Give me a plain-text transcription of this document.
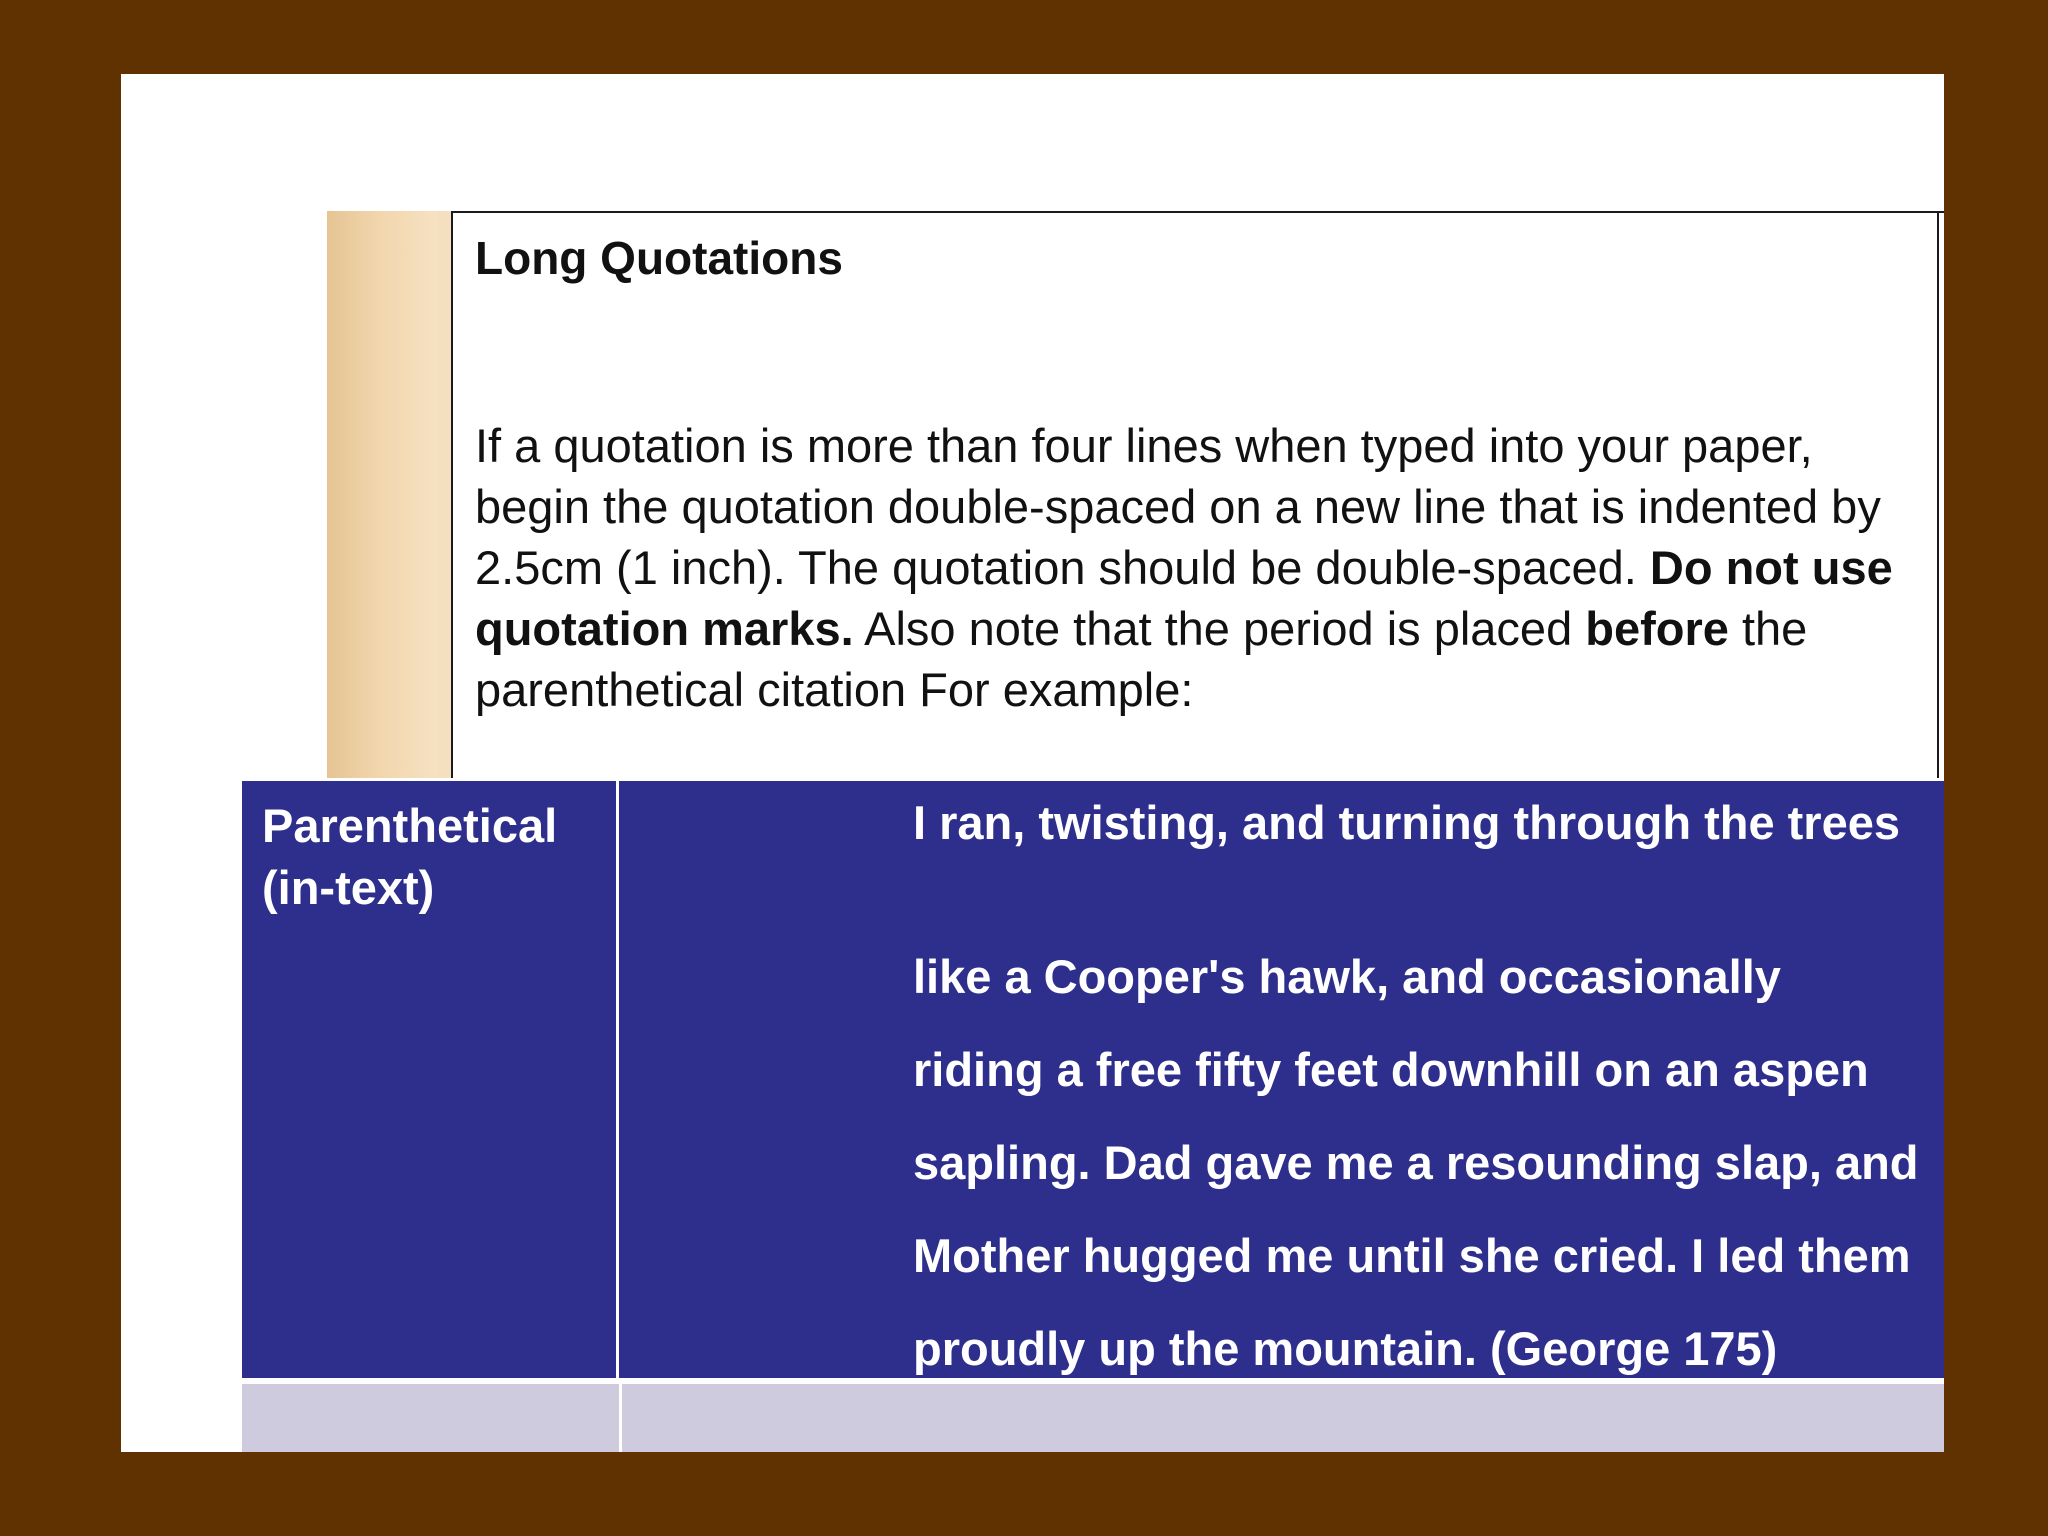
Long Quotations

If a quotation is more than four lines when typed into your paper, begin the quotation double-spaced on a new line that is indented by 2.5cm (1 inch). The quotation should be double-spaced. Do not use quotation marks. Also note that the period is placed before the parenthetical citation For example:

Parenthetical (in-text)

I ran, twisting, and turning through the trees

like a Cooper's hawk, and occasionally

riding a free fifty feet downhill on an aspen

sapling. Dad gave me a resounding slap, and

Mother hugged me until she cried. I led them

proudly up the mountain. (George 175)
